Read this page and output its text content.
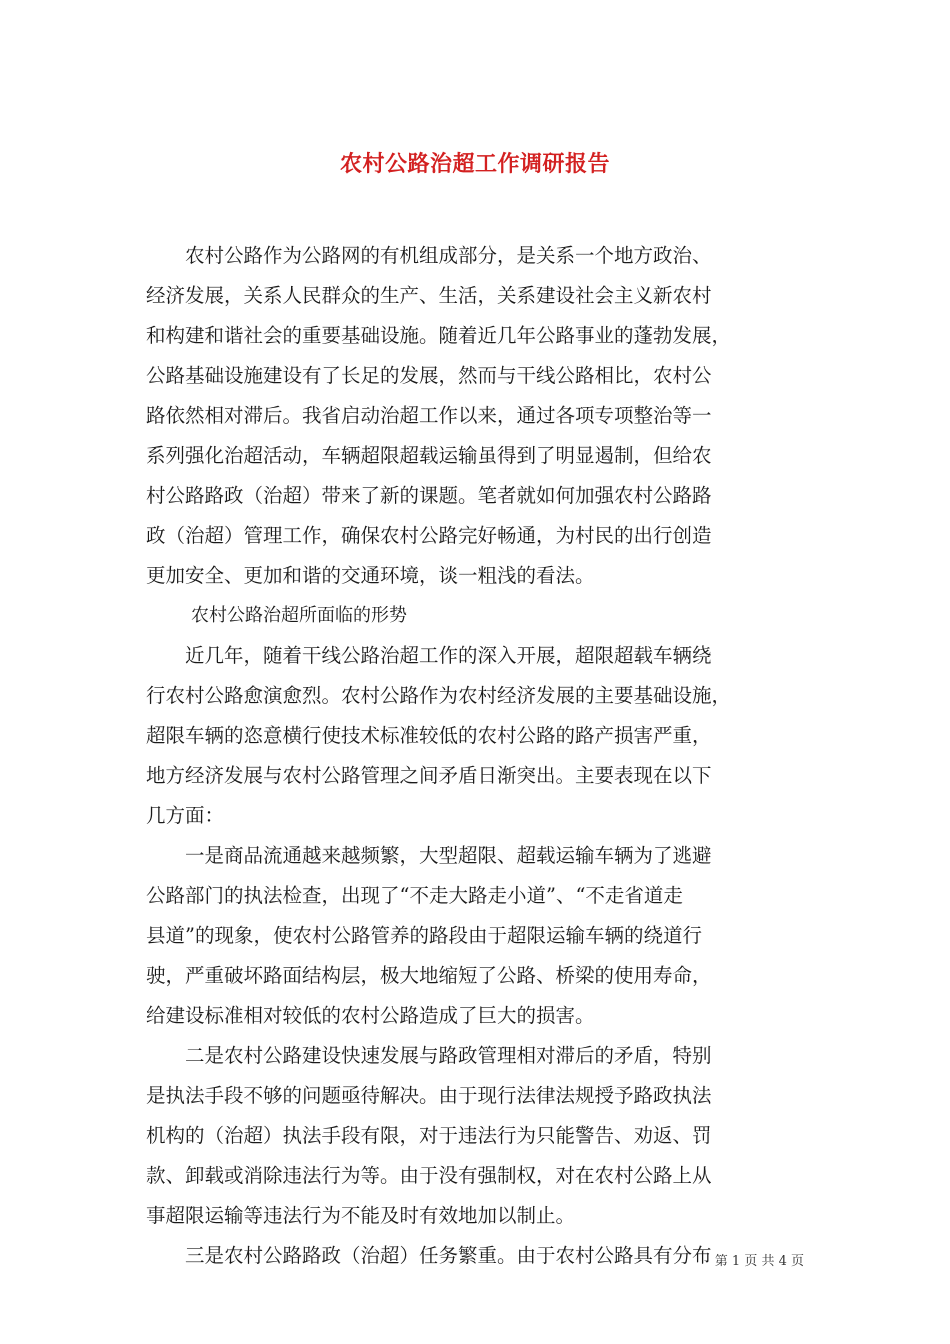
农村公路治超工作调研报告

农村公路作为公路网的有机组成部分，是关系一个地方政治、
经济发展，关系人民群众的生产、生活，关系建设社会主义新农村
和构建和谐社会的重要基础设施。随着近几年公路事业的蓬勃发展，
公路基础设施建设有了长足的发展，然而与干线公路相比，农村公
路依然相对滞后。我省启动治超工作以来，通过各项专项整治等一
系列强化治超活动，车辆超限超载运输虽得到了明显遏制，但给农
村公路路政（治超）带来了新的课题。笔者就如何加强农村公路路
政（治超）管理工作，确保农村公路完好畅通，为村民的出行创造
更加安全、更加和谐的交通环境，谈一粗浅的看法。

农村公路治超所面临的形势

近几年，随着干线公路治超工作的深入开展，超限超载车辆绕
行农村公路愈演愈烈。农村公路作为农村经济发展的主要基础设施，
超限车辆的恣意横行使技术标准较低的农村公路的路产损害严重，
地方经济发展与农村公路管理之间矛盾日渐突出。主要表现在以下
几方面：

一是商品流通越来越频繁，大型超限、超载运输车辆为了逃避
公路部门的执法检查，出现了“不走大路走小道”、“不走省道走
县道”的现象，使农村公路管养的路段由于超限运输车辆的绕道行
驶，严重破坏路面结构层，极大地缩短了公路、桥梁的使用寿命，
给建设标准相对较低的农村公路造成了巨大的损害。

二是农村公路建设快速发展与路政管理相对滞后的矛盾，特别
是执法手段不够的问题亟待解决。由于现行法律法规授予路政执法
机构的（治超）执法手段有限，对于违法行为只能警告、劝返、罚
款、卸载或消除违法行为等。由于没有强制权，对在农村公路上从
事超限运输等违法行为不能及时有效地加以制止。

三是农村公路路政（治超）任务繁重。由于农村公路具有分布 第 1 页 共 4 页
